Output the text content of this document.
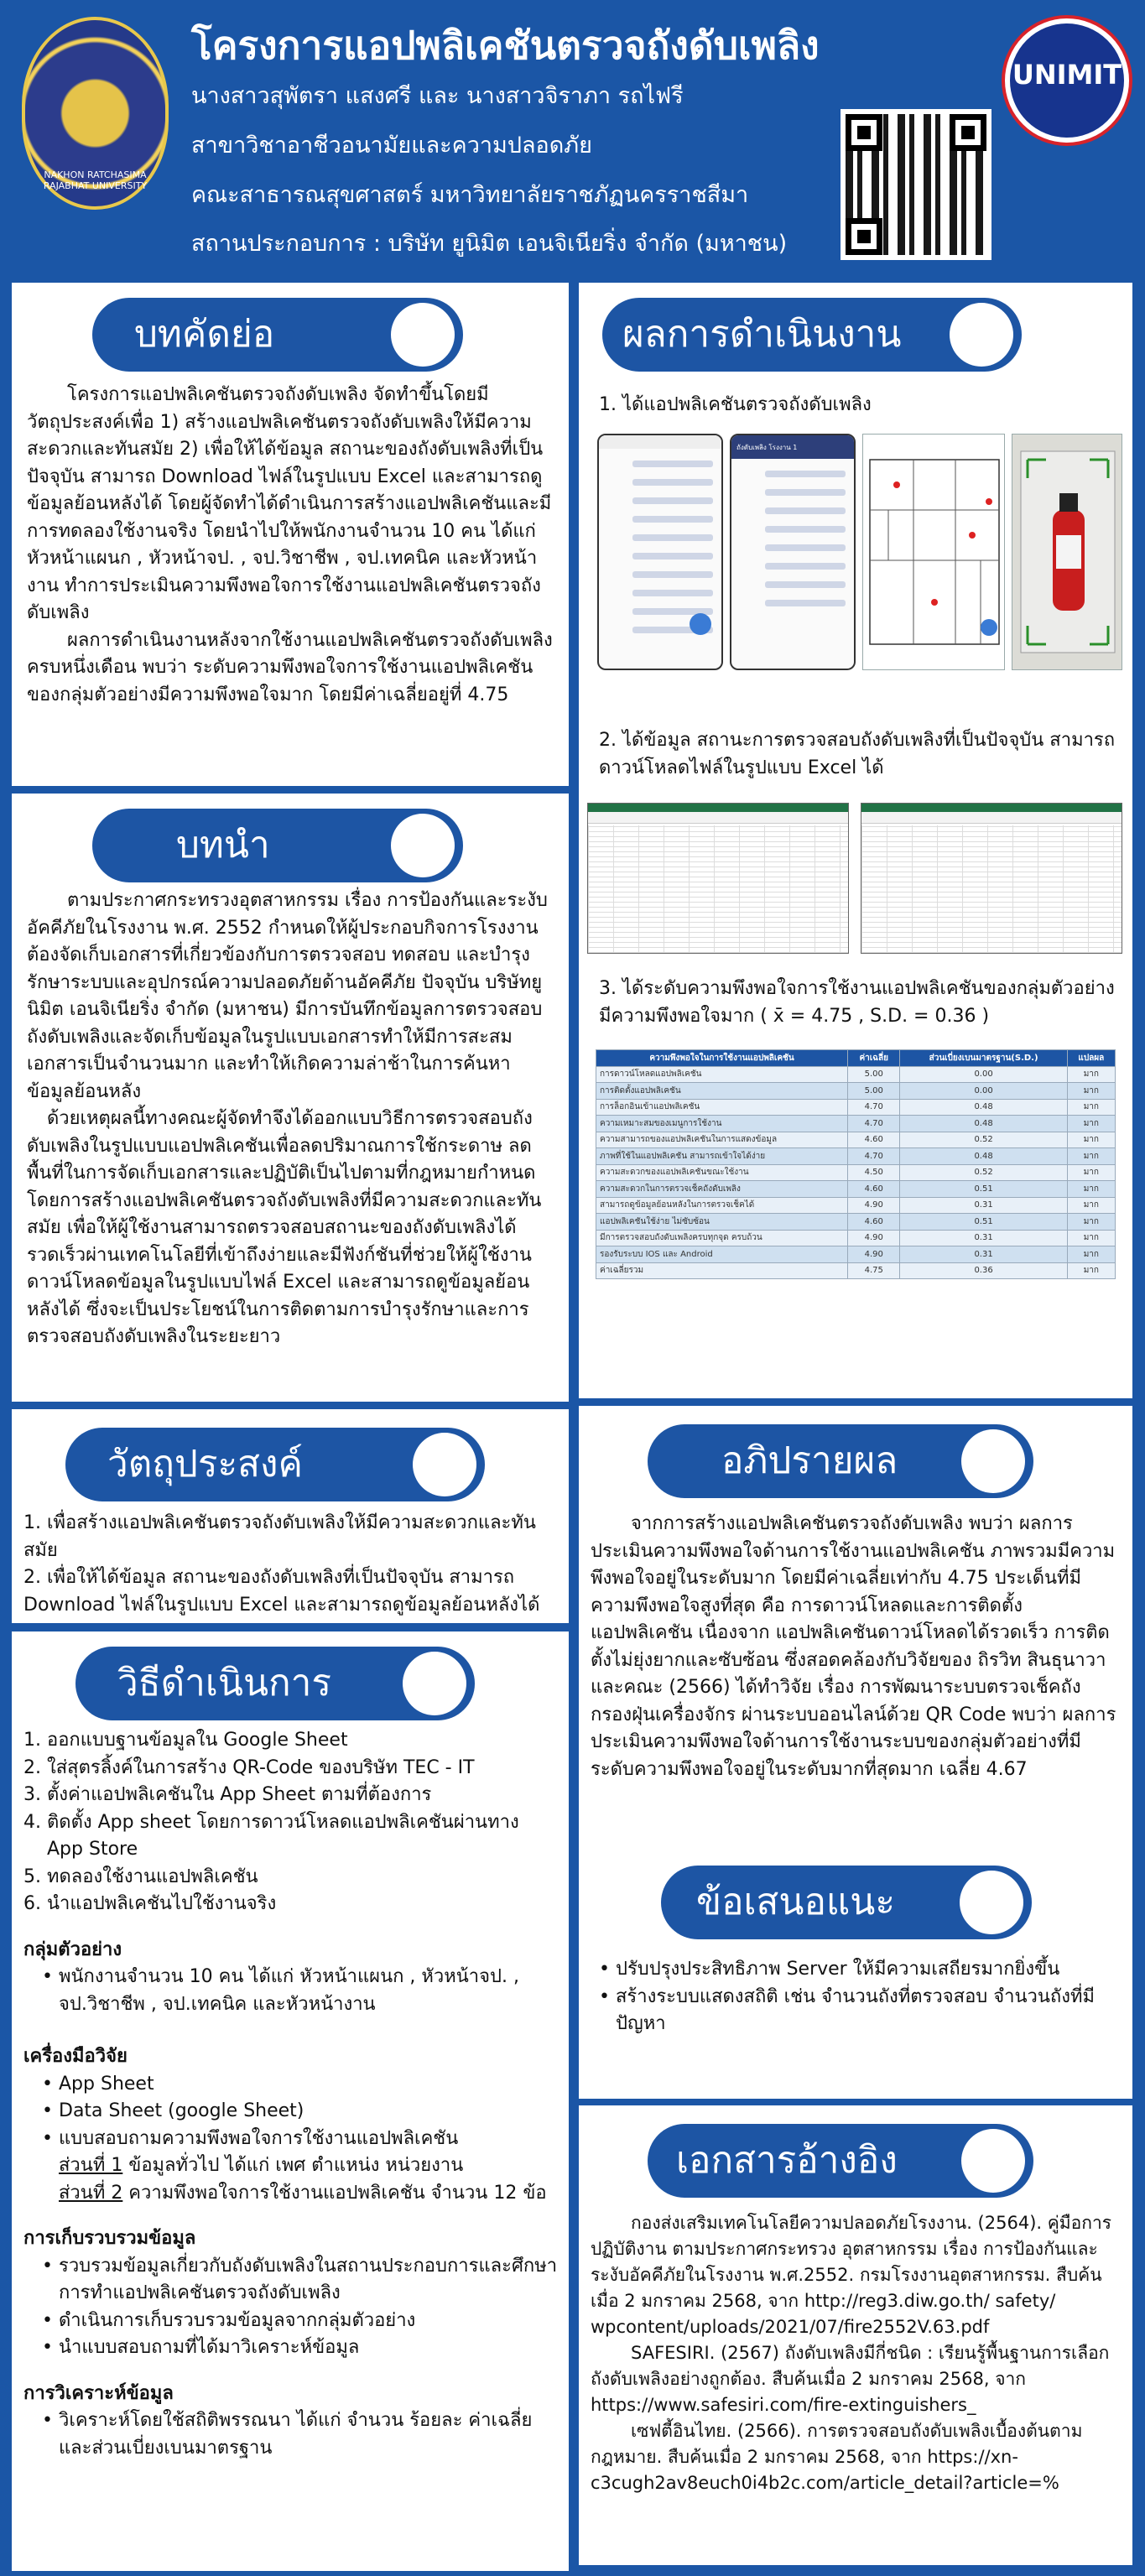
NAKHON RATCHASIMA RAJABHAT UNIVERSITY
โครงการแอปพลิเคชันตรวจถังดับเพลิง
นางสาวสุพัตรา แสงศรี และ นางสาวจิราภา รถไฟรี
สาขาวิชาอาชีวอนามัยและความปลอดภัย
คณะสาธารณสุขศาสตร์ มหาวิทยาลัยราชภัฏนครราชสีมา
สถานประกอบการ : บริษัท ยูนิมิต เอนจิเนียริ่ง จำกัด (มหาชน)
UNIMIT
บทคัดย่อ

โครงการแอปพลิเคชันตรวจถังดับเพลิง จัดทำขึ้นโดยมีวัตถุประสงค์เพื่อ 1) สร้างแอปพลิเคชันตรวจถังดับเพลิงให้มีความสะดวกและทันสมัย 2) เพื่อให้ได้ข้อมูล สถานะของถังดับเพลิงที่เป็นปัจจุบัน สามารถ Download ไฟล์ในรูปแบบ Excel และสามารถดูข้อมูลย้อนหลังได้ โดยผู้จัดทำได้ดำเนินการสร้างแอปพลิเคชันและมีการทดลองใช้งานจริง โดยนำไปให้พนักงานจำนวน 10 คน ได้แก่ หัวหน้าแผนก , หัวหน้าจป. , จป.วิชาชีพ , จป.เทคนิค และหัวหน้างาน ทำการประเมินความพึงพอใจการใช้งานแอปพลิเคชันตรวจถังดับเพลิง

ผลการดำเนินงานหลังจากใช้งานแอปพลิเคชันตรวจถังดับเพลิงครบหนึ่งเดือน พบว่า ระดับความพึงพอใจการใช้งานแอปพลิเคชันของกลุ่มตัวอย่างมีความพึงพอใจมาก โดยมีค่าเฉลี่ยอยู่ที่ 4.75

บทนำ

ตามประกาศกระทรวงอุตสาหกรรม เรื่อง การป้องกันและระงับอัคคีภัยในโรงงาน พ.ศ. 2552 กำหนดให้ผู้ประกอบกิจการโรงงานต้องจัดเก็บเอกสารที่เกี่ยวข้องกับการตรวจสอบ ทดสอบ และบำรุงรักษาระบบและอุปกรณ์ความปลอดภัยด้านอัคคีภัย ปัจจุบัน บริษัทยูนิมิต เอนจิเนียริ่ง จำกัด (มหาชน) มีการบันทึกข้อมูลการตรวจสอบถังดับเพลิงและจัดเก็บข้อมูลในรูปแบบเอกสารทำให้มีการสะสมเอกสารเป็นจำนวนมาก และทำให้เกิดความล่าช้าในการค้นหาข้อมูลย้อนหลัง

ด้วยเหตุผลนี้ทางคณะผู้จัดทำจึงได้ออกแบบวิธีการตรวจสอบถังดับเพลิงในรูปแบบแอปพลิเคชันเพื่อลดปริมาณการใช้กระดาษ ลดพื้นที่ในการจัดเก็บเอกสารและปฏิบัติเป็นไปตามที่กฎหมายกำหนด โดยการสร้างแอปพลิเคชันตรวจถังดับเพลิงที่มีความสะดวกและทันสมัย เพื่อให้ผู้ใช้งานสามารถตรวจสอบสถานะของถังดับเพลิงได้รวดเร็วผ่านเทคโนโลยีที่เข้าถึงง่ายและมีฟังก์ชันที่ช่วยให้ผู้ใช้งานดาวน์โหลดข้อมูลในรูปแบบไฟล์ Excel และสามารถดูข้อมูลย้อนหลังได้ ซึ่งจะเป็นประโยชน์ในการติดตามการบำรุงรักษาและการตรวจสอบถังดับเพลิงในระยะยาว

วัตถุประสงค์

1. เพื่อสร้างแอปพลิเคชันตรวจถังดับเพลิงให้มีความสะดวกและทันสมัย

2. เพื่อให้ได้ข้อมูล สถานะของถังดับเพลิงที่เป็นปัจจุบัน สามารถ Download ไฟล์ในรูปแบบ Excel และสามารถดูข้อมูลย้อนหลังได้

วิธีดำเนินการ

1. ออกแบบฐานข้อมูลใน Google Sheet

2. ใส่สุตรลิ้งค์ในการสร้าง QR-Code ของบริษัท TEC - IT

3. ตั้งค่าแอปพลิเคชันใน App Sheet ตามที่ต้องการ

4. ติดตั้ง App sheet โดยการดาวน์โหลดแอปพลิเคชันผ่านทาง App Store

5. ทดลองใช้งานแอปพลิเคชัน

6. นำแอปพลิเคชันไปใช้งานจริง

กลุ่มตัวอย่าง

• พนักงานจำนวน 10 คน ได้แก่ หัวหน้าแผนก , หัวหน้าจป. , จป.วิชาชีพ , จป.เทคนิค และหัวหน้างาน

เครื่องมือวิจัย

• App Sheet

• Data Sheet (google Sheet)

• แบบสอบถามความพึงพอใจการใช้งานแอปพลิเคชัน

ส่วนที่ 1 ข้อมูลทั่วไป ได้แก่ เพศ ตำแหน่ง หน่วยงาน

ส่วนที่ 2 ความพึงพอใจการใช้งานแอปพลิเคชัน จำนวน 12 ข้อ

การเก็บรวบรวมข้อมูล

• รวบรวมข้อมูลเกี่ยวกับถังดับเพลิงในสถานประกอบการและศึกษาการทำแอปพลิเคชันตรวจถังดับเพลิง

• ดำเนินการเก็บรวบรวมข้อมูลจากกลุ่มตัวอย่าง

• นำแบบสอบถามที่ได้มาวิเคราะห์ข้อมูล

การวิเคราะห์ข้อมูล

• วิเคราะห์โดยใช้สถิติพรรณนา ได้แก่ จำนวน ร้อยละ ค่าเฉลี่ย และส่วนเบี่ยงเบนมาตรฐาน

ผลการดำเนินงาน
1. ได้แอปพลิเคชันตรวจถังดับเพลิง
ถังดับเพลิง โรงงาน 1
2. ได้ข้อมูล สถานะการตรวจสอบถังดับเพลิงที่เป็นปัจจุบัน สามารถดาวน์โหลดไฟล์ในรูปแบบ Excel ได้
3. ได้ระดับความพึงพอใจการใช้งานแอปพลิเคชันของกลุ่มตัวอย่างมีความพึงพอใจมาก ( x̄ = 4.75 , S.D. = 0.36 )
ความพึงพอใจในการใช้งานแอปพลิเคชัน	ค่าเฉลี่ย	ส่วนเบี่ยงเบนมาตรฐาน(S.D.)	แปลผล
การดาวน์โหลดแอปพลิเคชัน	5.00	0.00	มาก
การติดตั้งแอปพลิเคชัน	5.00	0.00	มาก
การล็อกอินเข้าแอปพลิเคชัน	4.70	0.48	มาก
ความเหมาะสมของเมนูการใช้งาน	4.70	0.48	มาก
ความสามารถของแอปพลิเคชันในการแสดงข้อมูล	4.60	0.52	มาก
ภาพที่ใช้ในแอปพลิเคชัน สามารถเข้าใจได้ง่าย	4.70	0.48	มาก
ความสะดวกของแอปพลิเคชันขณะใช้งาน	4.50	0.52	มาก
ความสะดวกในการตรวจเช็คถังดับเพลิง	4.60	0.51	มาก
สามารถดูข้อมูลย้อนหลังในการตรวจเช็คได้	4.90	0.31	มาก
แอปพลิเคชันใช้ง่าย ไม่ซับซ้อน	4.60	0.51	มาก
มีการตรวจสอบถังดับเพลิงครบทุกจุด ครบถ้วน	4.90	0.31	มาก
รองรับระบบ IOS และ Android	4.90	0.31	มาก
ค่าเฉลี่ยรวม	4.75	0.36	มาก
อภิปรายผล

จากการสร้างแอปพลิเคชันตรวจถังดับเพลิง พบว่า ผลการประเมินความพึงพอใจด้านการใช้งานแอปพลิเคชัน ภาพรวมมีความพึงพอใจอยู่ในระดับมาก โดยมีค่าเฉลี่ยเท่ากับ 4.75 ประเด็นที่มีความพึงพอใจสูงที่สุด คือ การดาวน์โหลดและการติดตั้งแอปพลิเคชัน เนื่องจาก แอปพลิเคชันดาวน์โหลดได้รวดเร็ว การติดตั้งไม่ยุ่งยากและซับซ้อน ซึ่งสอดคล้องกับวิจัยของ ถิรวิท สินธุนาวา และคณะ (2566) ได้ทำวิจัย เรื่อง การพัฒนาระบบตรวจเช็คถังกรองฝุ่นเครื่องจักร ผ่านระบบออนไลน์ด้วย QR Code พบว่า ผลการประเมินความพึงพอใจด้านการใช้งานระบบของกลุ่มตัวอย่างที่มีระดับความพึงพอใจอยู่ในระดับมากที่สุดมาก เฉลี่ย 4.67

ข้อเสนอแนะ

• ปรับปรุงประสิทธิภาพ Server ให้มีความเสถียรมากยิ่งขึ้น

• สร้างระบบแสดงสถิติ เช่น จำนวนถังที่ตรวจสอบ จำนวนถังที่มีปัญหา

เอกสารอ้างอิง

กองส่งเสริมเทคโนโลยีความปลอดภัยโรงงาน. (2564). คู่มือการปฏิบัติงาน ตามประกาศกระทรวง อุตสาหกรรม เรื่อง การป้องกันและระงับอัคคีภัยในโรงงาน พ.ศ.2552. กรมโรงงานอุตสาหกรรม. สืบค้นเมื่อ 2 มกราคม 2568, จาก http://reg3.diw.go.th/ safety/ wpcontent/uploads/2021/07/fire2552V.63.pdf

SAFESIRI. (2567) ถังดับเพลิงมีกี่ชนิด : เรียนรู้พื้นฐานการเลือกถังดับเพลิงอย่างถูกต้อง. สืบค้นเมื่อ 2 มกราคม 2568, จาก https://www.safesiri.com/fire-extinguishers_

เซฟตี้อินไทย. (2566). การตรวจสอบถังดับเพลิงเบื้องต้นตามกฎหมาย. สืบค้นเมื่อ 2 มกราคม 2568, จาก https://xn-c3cugh2av8euch0i4b2c.com/article_detail?article=%
